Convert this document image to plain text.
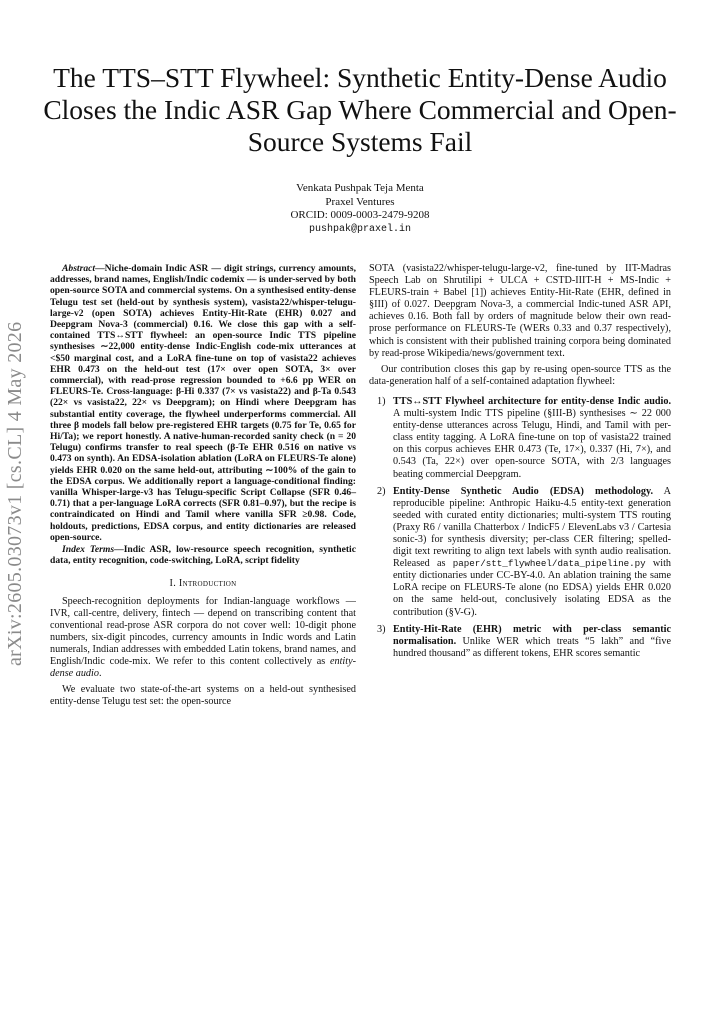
The TTS–STT Flywheel: Synthetic Entity-Dense Audio Closes the Indic ASR Gap Where Commercial and Open-Source Systems Fail
Venkata Pushpak Teja Menta
Praxel Ventures
ORCID: 0009-0003-2479-9208
pushpak@praxel.in
arXiv:2605.03073v1 [cs.CL] 4 May 2026

Abstract—Niche-domain Indic ASR — digit strings, currency amounts, addresses, brand names, English/Indic codemix — is under-served by both open-source SOTA and commercial systems. On a synthesised entity-dense Telugu test set (held-out by synthesis system), vasista22/whisper-telugu-large-v2 (open SOTA) achieves Entity-Hit-Rate (EHR) 0.027 and Deepgram Nova-3 (commercial) 0.16. We close this gap with a self-contained TTS↔STT flywheel: an open-source Indic TTS pipeline synthesises ∼22,000 entity-dense Indic-English code-mix utterances at <$50 marginal cost, and a LoRA fine-tune on top of vasista22 achieves EHR 0.473 on the held-out test (17× over open SOTA, 3× over commercial), with read-prose regression bounded to +6.6 pp WER on FLEURS-Te. Cross-language: β-Hi 0.337 (7× vs vasista22) and β-Ta 0.543 (22× vs vasista22, 22× vs Deepgram); on Hindi where Deepgram has substantial entity coverage, the flywheel underperforms commercial. All three β models fall below pre-registered EHR targets (0.75 for Te, 0.65 for Hi/Ta); we report honestly. A native-human-recorded sanity check (n = 20 Telugu) confirms transfer to real speech (β-Te EHR 0.516 on native vs 0.473 on synth). An EDSA-isolation ablation (LoRA on FLEURS-Te alone) yields EHR 0.020 on the same held-out, attributing ∼100% of the gain to the EDSA corpus. We additionally report a language-conditional finding: vanilla Whisper-large-v3 has Telugu-specific Script Collapse (SFR 0.46–0.71) that a per-language LoRA corrects (SFR 0.81–0.97), but the recipe is contraindicated on Hindi and Tamil where vanilla SFR ≥0.98. Code, holdouts, predictions, EDSA corpus, and entity dictionaries are released open-source.

Index Terms—Indic ASR, low-resource speech recognition, synthetic data, entity recognition, code-switching, LoRA, script fidelity

I. Introduction

Speech-recognition deployments for Indian-language workflows — IVR, call-centre, delivery, fintech — depend on transcribing content that conventional read-prose ASR corpora do not cover well: 10-digit phone numbers, six-digit pincodes, currency amounts in Indic words and Latin numerals, Indian addresses with embedded Latin tokens, brand names, and English/Indic code-mix. We refer to this content collectively as entity-dense audio.

We evaluate two state-of-the-art systems on a held-out synthesised entity-dense Telugu test set: the open-source

SOTA (vasista22/whisper-telugu-large-v2, fine-tuned by IIT-Madras Speech Lab on Shrutilipi + ULCA + CSTD-IIIT-H + MS-Indic + FLEURS-train + Babel [1]) achieves Entity-Hit-Rate (EHR, defined in §III) of 0.027. Deepgram Nova-3, a commercial Indic-tuned ASR API, achieves 0.16. Both fall by orders of magnitude below their own read-prose performance on FLEURS-Te (WERs 0.33 and 0.37 respectively), which is consistent with their published training corpora being dominated by read-prose Wikipedia/news/government text.

Our contribution closes this gap by re-using open-source TTS as the data-generation half of a self-contained adaptation flywheel:

1) TTS↔STT Flywheel architecture for entity-dense Indic audio. A multi-system Indic TTS pipeline (§III-B) synthesises ∼ 22 000 entity-dense utterances across Telugu, Hindi, and Tamil with per-class entity tagging. A LoRA fine-tune on top of vasista22 trained on this corpus achieves EHR 0.473 (Te, 17×), 0.337 (Hi, 7×), and 0.543 (Ta, 22×) over open-source SOTA, with 2/3 languages beating commercial Deepgram.
2) Entity-Dense Synthetic Audio (EDSA) methodology. A reproducible pipeline: Anthropic Haiku-4.5 entity-text generation seeded with curated entity dictionaries; multi-system TTS routing (Praxy R6 / vanilla Chatterbox / IndicF5 / ElevenLabs v3 / Cartesia sonic-3) for synthesis diversity; per-class CER filtering; spelled-digit text rewriting to align text labels with synth audio realisation. Released as paper/stt_flywheel/data_pipeline.py with entity dictionaries under CC-BY-4.0. An ablation training the same LoRA recipe on FLEURS-Te alone (no EDSA) yields EHR 0.020 on the same held-out, conclusively isolating EDSA as the contribution (§V-G).
3) Entity-Hit-Rate (EHR) metric with per-class semantic normalisation. Unlike WER which treats “5 lakh” and “five hundred thousand” as different tokens, EHR scores semantic
